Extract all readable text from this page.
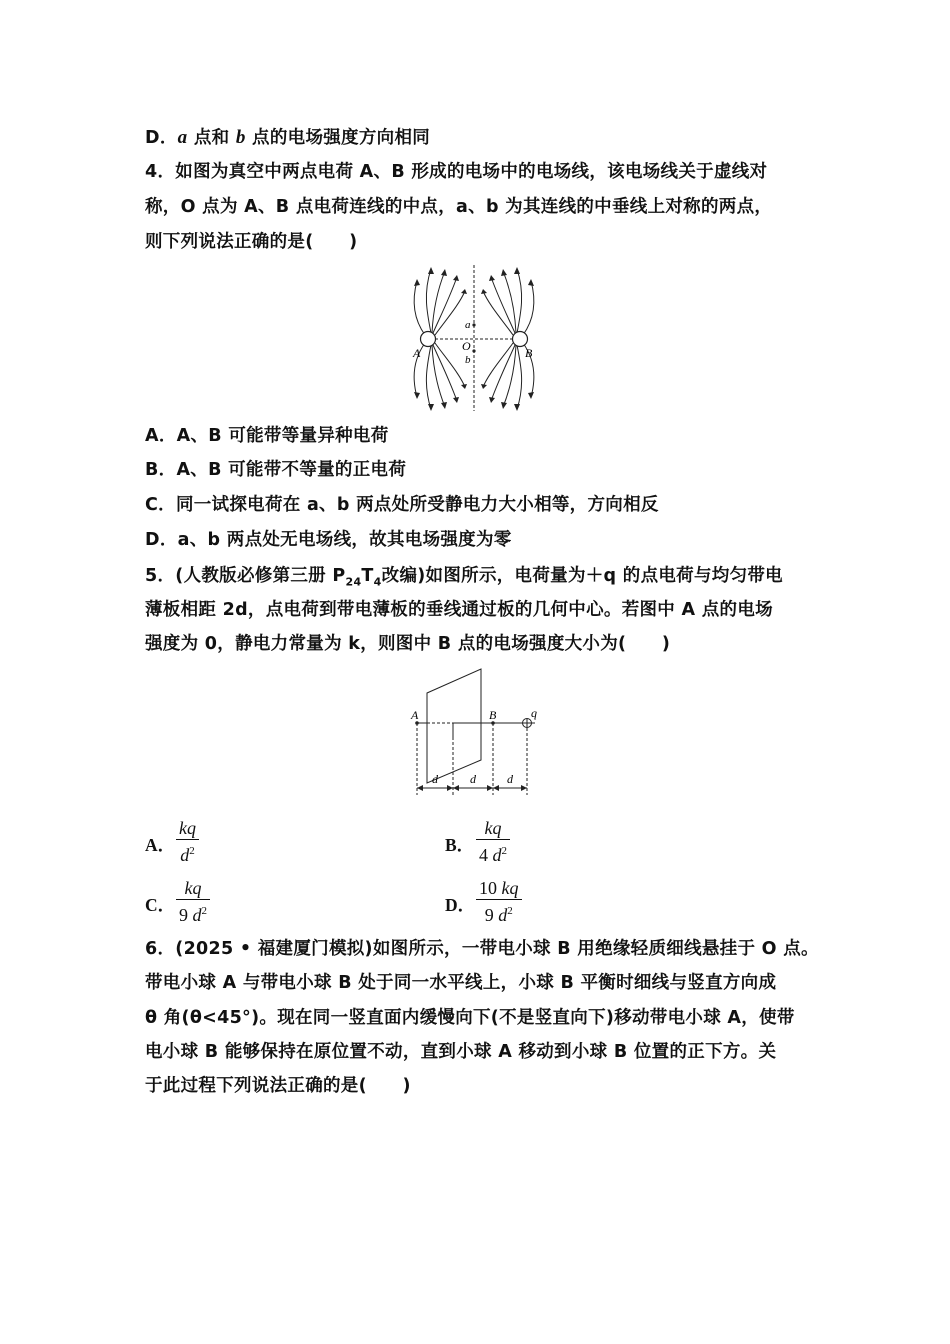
D．a 点和 b 点的电场强度方向相同
4．如图为真空中两点电荷 A、B 形成的电场中的电场线，该电场线关于虚线对
称，O 点为 A、B 点电荷连线的中点，a、b 为其连线的中垂线上对称的两点，
则下列说法正确的是(　　)
A	B
O
a
b
A．A、B 可能带等量异种电荷
B．A、B 可能带不等量的正电荷
C．同一试探电荷在 a、b 两点处所受静电力大小相等，方向相反
D．a、b 两点处无电场线，故其电场强度为零
5．(人教版必修第三册 $P_{24}T_4$改编)如图所示，电荷量为＋q 的点电荷与均匀带电
薄板相距 2d，点电荷到带电薄板的垂线通过板的几何中心。若图中 A 点的电场
强度为 0，静电力常量为 k，则图中 B 点的电场强度大小为(　　)
A	B	q
d	d	d
A．
kq
$d^2$	B．
kq
4 $d^2$
C．
kq
9 $d^2$	D．
10 kq
9 $d^2$
6．(2025 • 福建厦门模拟)如图所示，一带电小球 B 用绝缘轻质细线悬挂于 O 点。
带电小球 A 与带电小球 B 处于同一水平线上，小球 B 平衡时细线与竖直方向成
θ 角(θ<45°)。现在同一竖直面内缓慢向下(不是竖直向下)移动带电小球 A，使带
电小球 B 能够保持在原位置不动，直到小球 A 移动到小球 B 位置的正下方。关
于此过程下列说法正确的是(　　)
